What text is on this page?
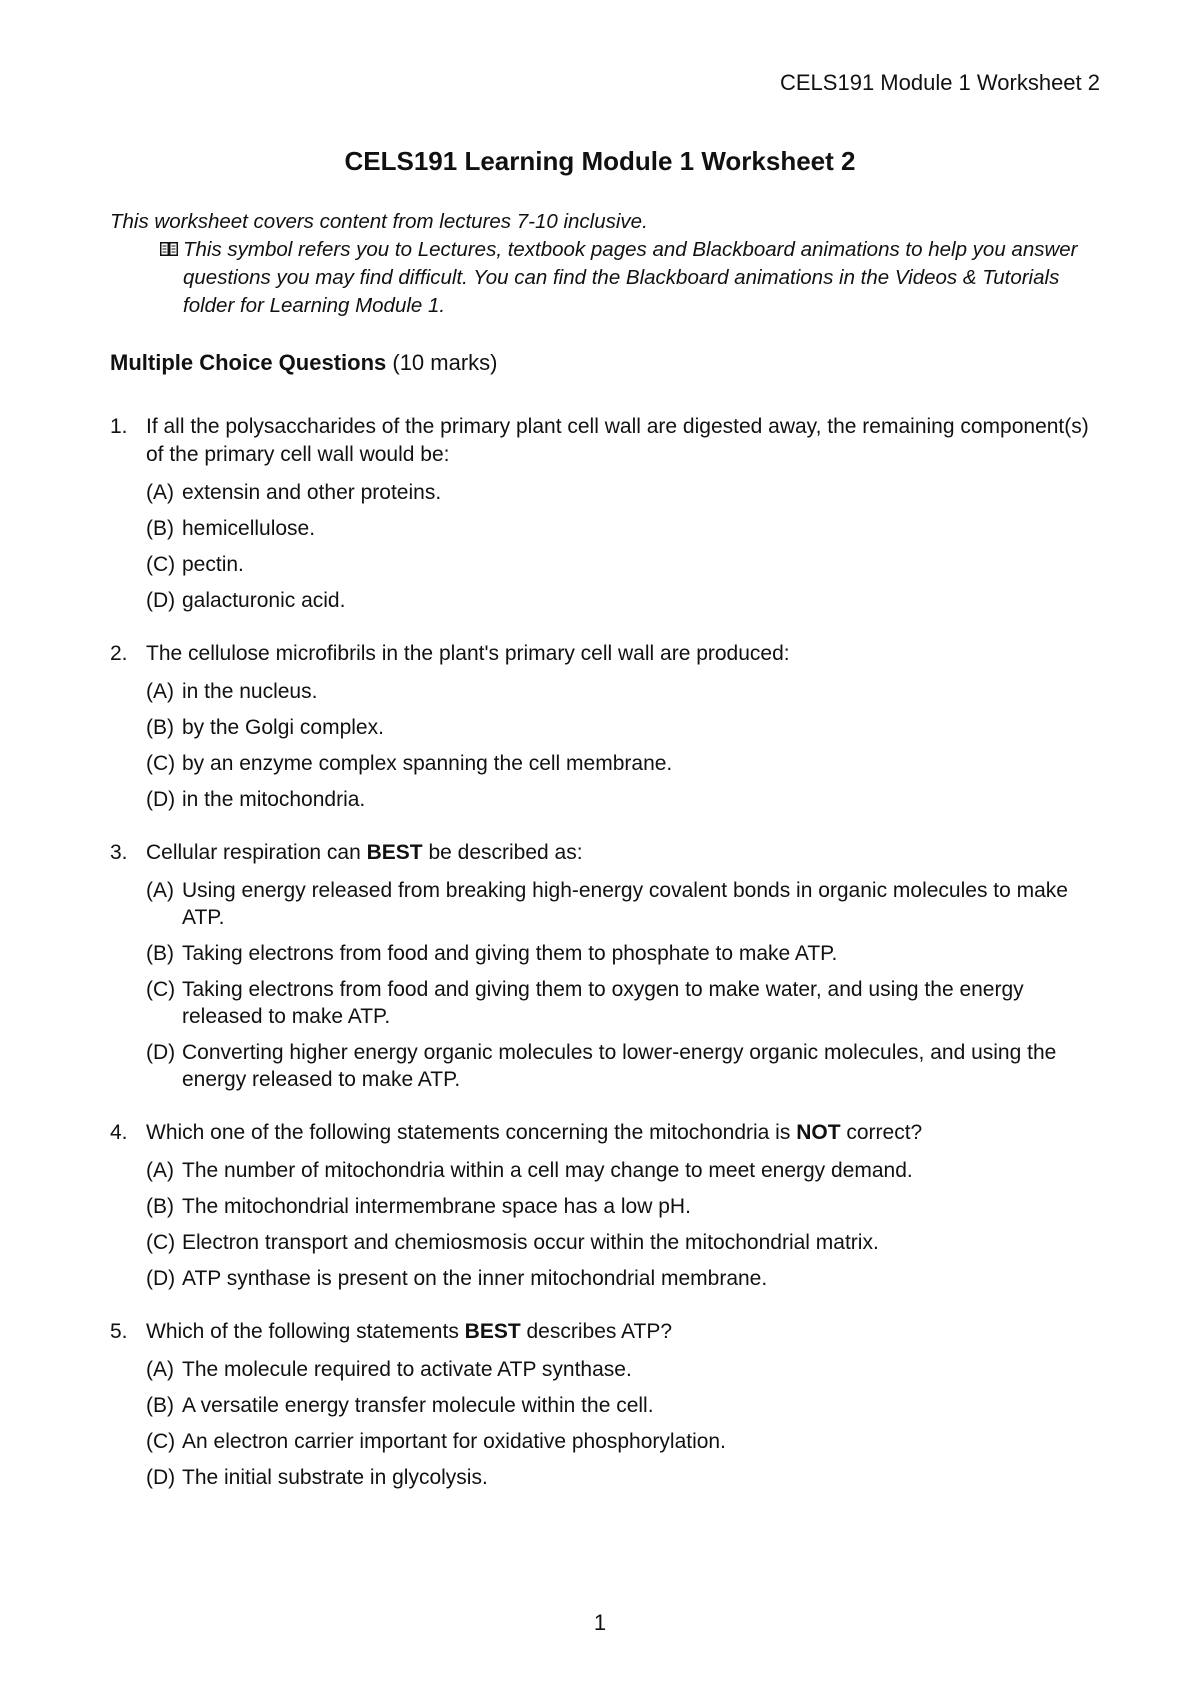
CELS191 Module 1 Worksheet 2
CELS191 Learning Module 1 Worksheet 2
This worksheet covers content from lectures 7-10 inclusive.
This symbol refers you to Lectures, textbook pages and Blackboard animations to help you answer questions you may find difficult. You can find the Blackboard animations in the Videos & Tutorials folder for Learning Module 1.
Multiple Choice Questions (10 marks)
1. If all the polysaccharides of the primary plant cell wall are digested away, the remaining component(s) of the primary cell wall would be:
(A) extensin and other proteins.
(B) hemicellulose.
(C) pectin.
(D) galacturonic acid.
2. The cellulose microfibrils in the plant's primary cell wall are produced:
(A) in the nucleus.
(B) by the Golgi complex.
(C) by an enzyme complex spanning the cell membrane.
(D) in the mitochondria.
3. Cellular respiration can BEST be described as:
(A) Using energy released from breaking high-energy covalent bonds in organic molecules to make ATP.
(B) Taking electrons from food and giving them to phosphate to make ATP.
(C) Taking electrons from food and giving them to oxygen to make water, and using the energy released to make ATP.
(D) Converting higher energy organic molecules to lower-energy organic molecules, and using the energy released to make ATP.
4. Which one of the following statements concerning the mitochondria is NOT correct?
(A) The number of mitochondria within a cell may change to meet energy demand.
(B) The mitochondrial intermembrane space has a low pH.
(C) Electron transport and chemiosmosis occur within the mitochondrial matrix.
(D) ATP synthase is present on the inner mitochondrial membrane.
5. Which of the following statements BEST describes ATP?
(A) The molecule required to activate ATP synthase.
(B) A versatile energy transfer molecule within the cell.
(C) An electron carrier important for oxidative phosphorylation.
(D) The initial substrate in glycolysis.
1
